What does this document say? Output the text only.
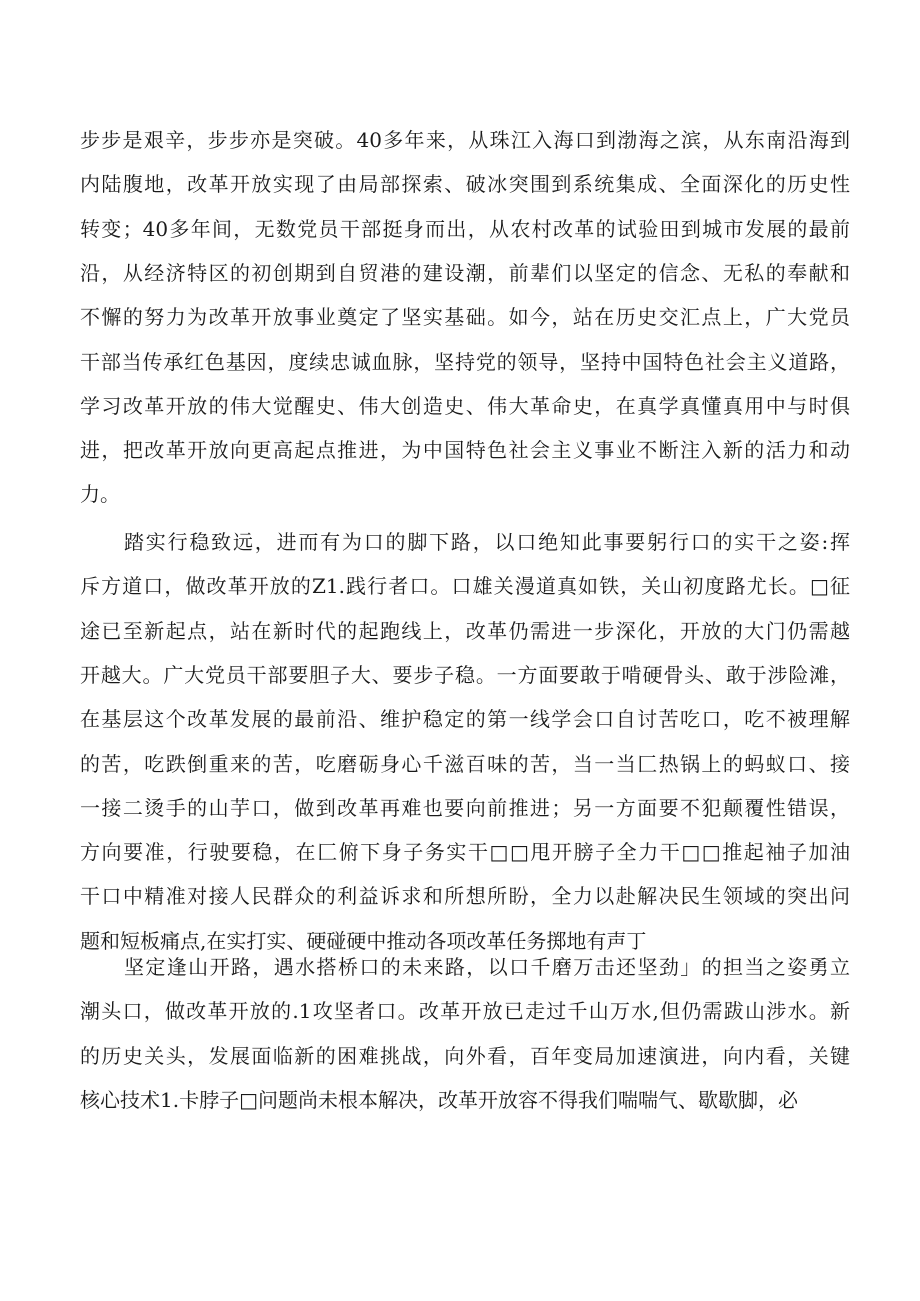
步步是艰辛，步步亦是突破。40多年来，从珠江入海口到渤海之滨，从东南沿海到
内陆腹地，改革开放实现了由局部探索、破冰突围到系统集成、全面深化的历史性
转变；40多年间，无数党员干部挺身而出，从农村改革的试验田到城市发展的最前
沿，从经济特区的初创期到自贸港的建设潮，前辈们以坚定的信念、无私的奉献和
不懈的努力为改革开放事业奠定了坚实基础。如今，站在历史交汇点上，广大党员
干部当传承红色基因，度续忠诚血脉，坚持党的领导，坚持中国特色社会主义道路，
学习改革开放的伟大觉醒史、伟大创造史、伟大革命史，在真学真懂真用中与时俱
进，把改革开放向更高起点推进，为中国特色社会主义事业不断注入新的活力和动
力。
踏实行稳致远，进而有为口的脚下路，以口绝知此事要躬行口的实干之姿:挥
斥方道口，做改革开放的Z1.践行者口。口雄关漫道真如铁，关山初度路尤长。□征
途已至新起点，站在新时代的起跑线上，改革仍需进一步深化，开放的大门仍需越
开越大。广大党员干部要胆子大、要步子稳。一方面要敢于啃硬骨头、敢于涉险滩，
在基层这个改革发展的最前沿、维护稳定的第一线学会口自讨苦吃口，吃不被理解
的苦，吃跌倒重来的苦，吃磨砺身心千滋百味的苦，当一当匚热锅上的蚂蚁口、接
一接二烫手的山芋口，做到改革再难也要向前推进；另一方面要不犯颠覆性错误，
方向要准，行驶要稳，在匚俯下身子务实干□□甩开膀子全力干□□推起袖子加油
干口中精准对接人民群众的利益诉求和所想所盼，全力以赴解决民生领域的突出问
题和短板痛点,在实打实、硬碰硬中推动各项改革任务掷地有声丁
坚定逢山开路，遇水搭桥口的未来路，以口千磨万击还坚劲」的担当之姿勇立
潮头口，做改革开放的.1攻坚者口。改革开放已走过千山万水,但仍需跋山涉水。新
的历史关头，发展面临新的困难挑战，向外看，百年变局加速演进，向内看，关键
核心技术1.卡脖子□问题尚未根本解决，改革开放容不得我们喘喘气、歇歇脚，必
